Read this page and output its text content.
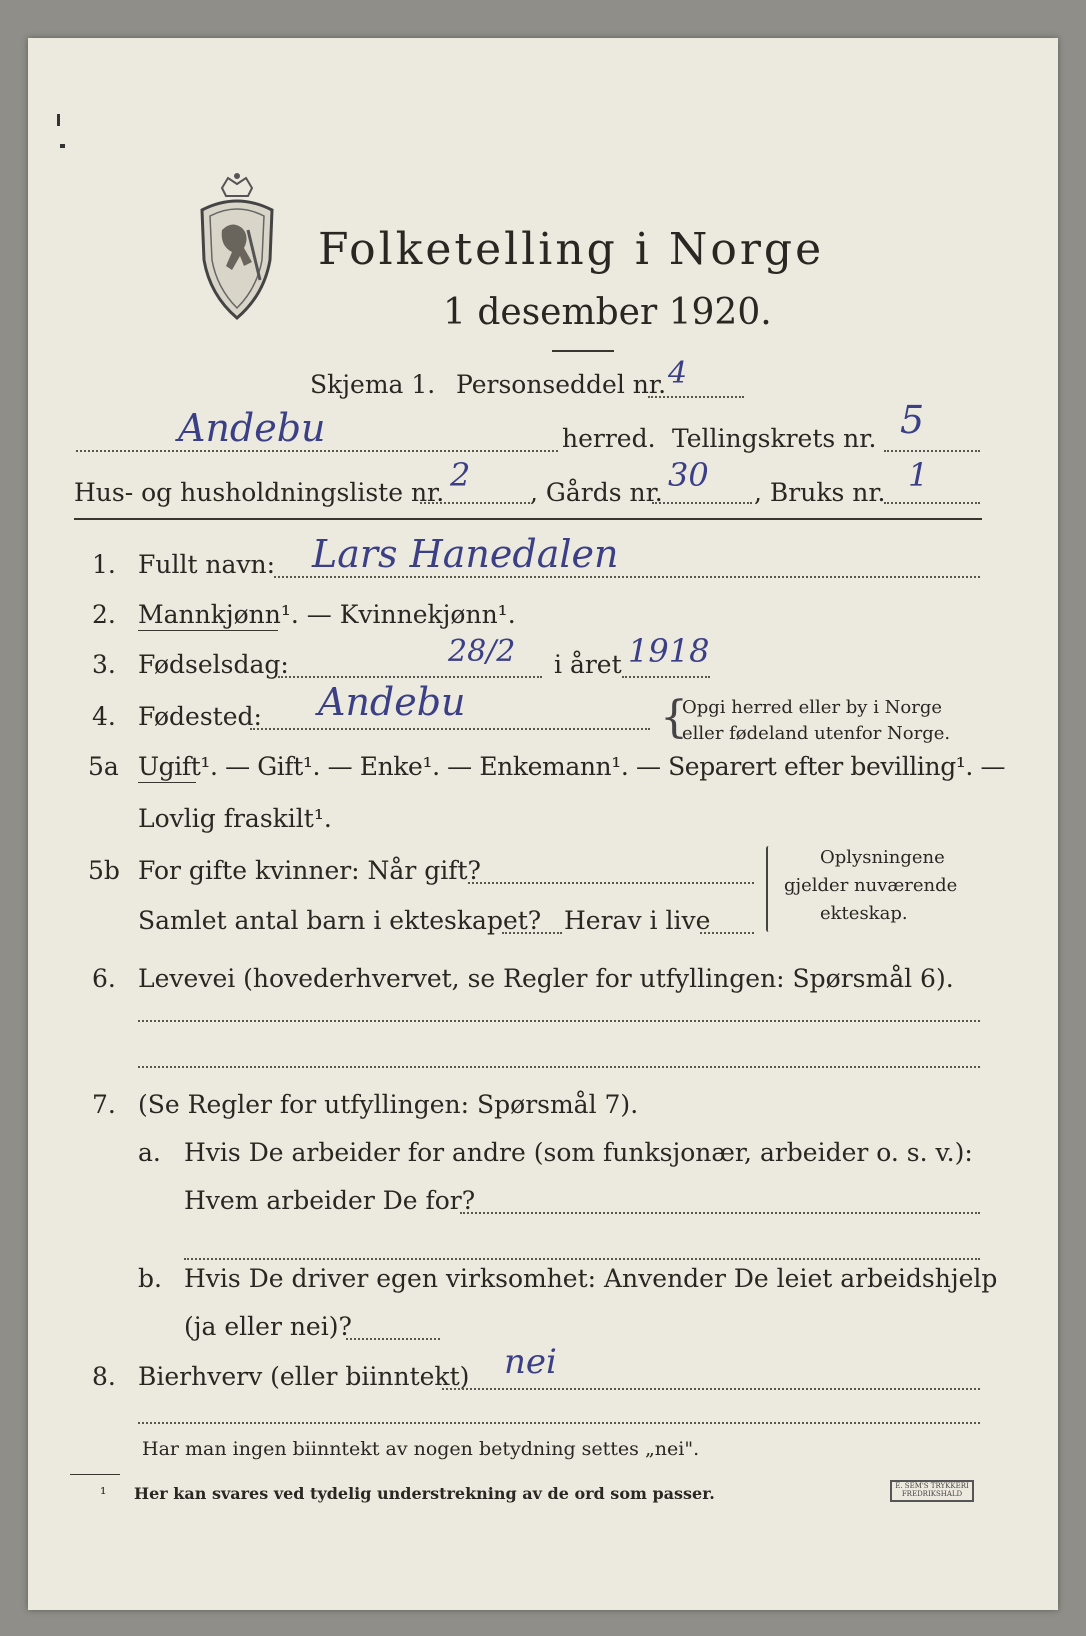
Folketelling i Norge
1 desember 1920.
Skjema 1. Personseddel nr. 4
Andebu	herred. Tellingskrets nr. 5
Hus- og husholdningsliste nr. 2 , Gårds nr. 30 , Bruks nr. 1
1. Fullt navn: Lars Hanedalen
2. Mannkjønn¹. — Kvinnekjønn¹.
3. Fødselsdag:	28/2 i året 1918
4. Fødested: Andebu	{
Opgi herred eller by i Norge
eller fødeland utenfor Norge.
5a Ugift¹. — Gift¹. — Enke¹. — Enkemann¹. — Separert efter bevilling¹. —
Lovlig fraskilt¹.
5b For gifte kvinner: Når gift?
Samlet antal barn i ekteskapet? Herav i live
Oplysningene
gjelder nuværende
ekteskap.
6. Levevei (hovederhvervet, se Regler for utfyllingen: Spørsmål 6).
7. (Se Regler for utfyllingen: Spørsmål 7).
a. Hvis De arbeider for andre (som funksjonær, arbeider o. s. v.):
Hvem arbeider De for?
b. Hvis De driver egen virksomhet: Anvender De leiet arbeidshjelp
(ja eller nei)?
8. Bierhverv (eller biinntekt) nei
Har man ingen biinntekt av nogen betydning settes „nei".
¹ Her kan svares ved tydelig understrekning av de ord som passer.	E. SEM'S TRYKKERI
FREDRIKSHALD
